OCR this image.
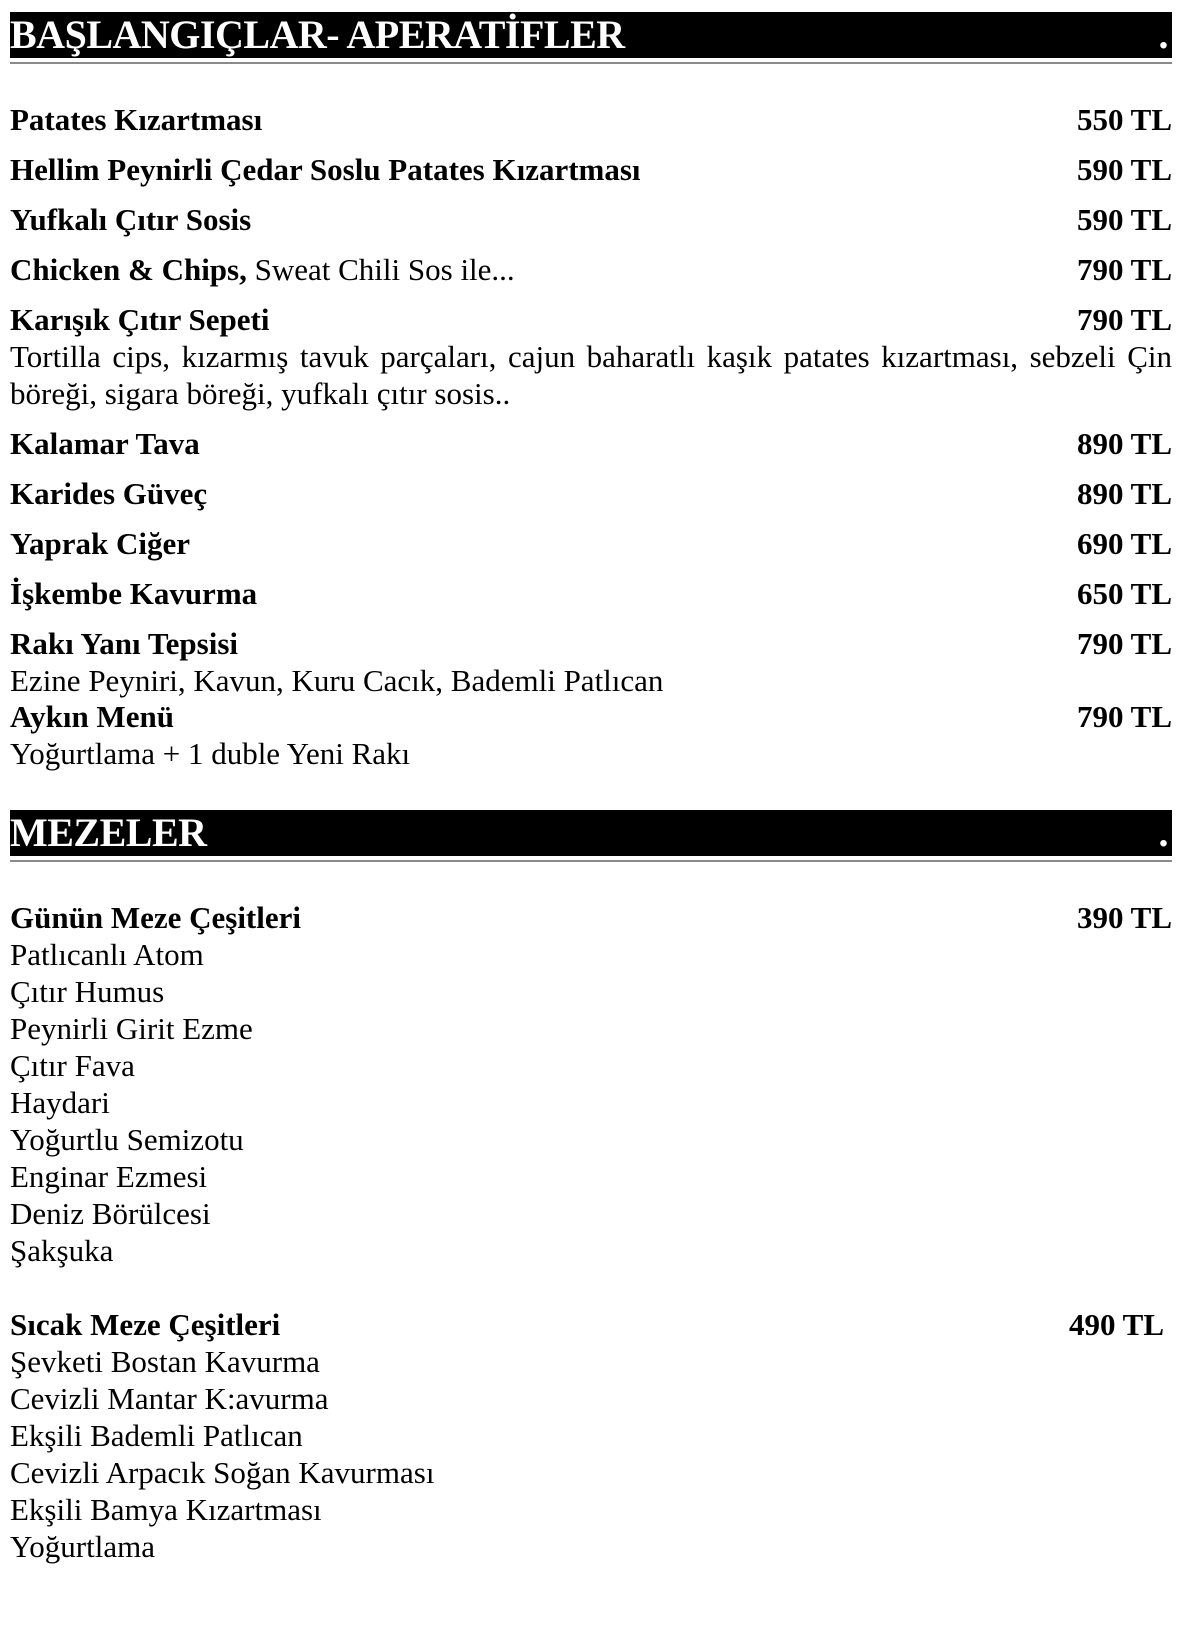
BAŞLANGIÇLAR- APERATİFLER	.
Patates Kızartması	550 TL
Hellim Peynirli Çedar Soslu Patates Kızartması	590 TL
Yufkalı Çıtır Sosis	590 TL
Chicken & Chips, Sweat Chili Sos ile...	790 TL
Karışık Çıtır Sepeti	790 TL
Tortilla cips, kızarmış tavuk parçaları, cajun baharatlı kaşık patates kızartması, sebzeli Çin böreği, sigara böreği, yufkalı çıtır sosis..
Kalamar Tava	890 TL
Karides Güveç	890 TL
Yaprak Ciğer	690 TL
İşkembe Kavurma	650 TL
Rakı Yanı Tepsisi	790 TL
Ezine Peyniri, Kavun, Kuru Cacık, Bademli Patlıcan
Aykın Menü	790 TL
Yoğurtlama + 1 duble Yeni Rakı
MEZELER	.
Günün Meze Çeşitleri	390 TL
Patlıcanlı Atom
Çıtır Humus
Peynirli Girit Ezme
Çıtır Fava
Haydari
Yoğurtlu Semizotu
Enginar Ezmesi
Deniz Börülcesi
Şakşuka
Sıcak Meze Çeşitleri	490 TL
Şevketi Bostan Kavurma
Cevizli Mantar K:avurma
Ekşili Bademli Patlıcan
Cevizli Arpacık Soğan Kavurması
Ekşili Bamya Kızartması
Yoğurtlama
